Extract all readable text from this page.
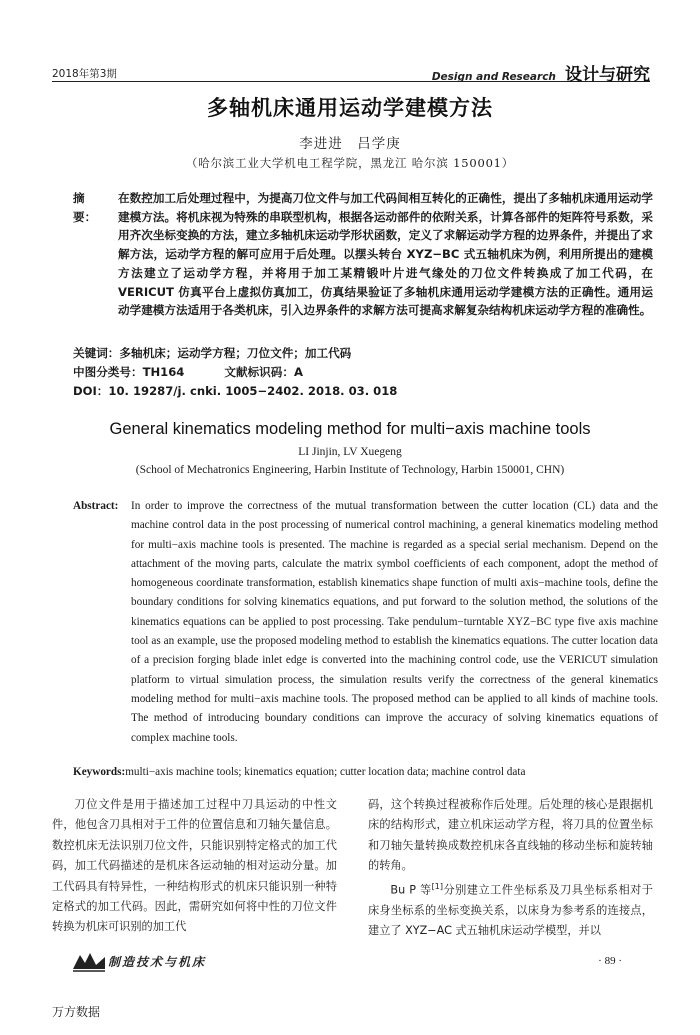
2018年第3期	Design and Research 设计与研究
多轴机床通用运动学建模方法
李进进　吕学庚
（哈尔滨工业大学机电工程学院，黑龙江 哈尔滨 150001）
摘　要：
在数控加工后处理过程中，为提高刀位文件与加工代码间相互转化的正确性，提出了多轴机床通用运动学建模方法。将机床视为特殊的串联型机构，根据各运动部件的依附关系，计算各部件的矩阵符号系数，采用齐次坐标变换的方法，建立多轴机床运动学形状函数，定义了求解运动学方程的边界条件，并提出了求解方法，运动学方程的解可应用于后处理。以摆头转台 XYZ−BC 式五轴机床为例，利用所提出的建模方法建立了运动学方程，并将用于加工某精锻叶片进气缘处的刀位文件转换成了加工代码，在 VERICUT 仿真平台上虚拟仿真加工，仿真结果验证了多轴机床通用运动学建模方法的正确性。通用运动学建模方法适用于各类机床，引入边界条件的求解方法可提高求解复杂结构机床运动学方程的准确性。
关键词：多轴机床；运动学方程；刀位文件；加工代码
中图分类号：TH164	文献标识码：A
DOI：10. 19287/j. cnki. 1005−2402. 2018. 03. 018
General kinematics modeling method for multi−axis machine tools
LI Jinjin, LV Xuegeng
(School of Mechatronics Engineering, Harbin Institute of Technology, Harbin 150001, CHN)
Abstract: In order to improve the correctness of the mutual transformation between the cutter location (CL) data and the machine control data in the post processing of numerical control machining, a general kinematics modeling method for multi−axis machine tools is presented. The machine is regarded as a special serial mechanism. Depend on the attachment of the moving parts, calculate the matrix symbol coefficients of each component, adopt the method of homogeneous coordinate transformation, establish kinematics shape function of multi axis−machine tools, define the boundary conditions for solving kinematics equations, and put forward to the solution method, the solutions of the kinematics equations can be applied to post processing. Take pendulum−turntable XYZ−BC type five axis machine tool as an example, use the proposed modeling method to establish the kinematics equations. The cutter location data of a precision forging blade inlet edge is converted into the machining control code, use the VERICUT simulation platform to virtual simulation process, the simulation results verify the correctness of the general kinematics modeling method for multi−axis machine tools. The proposed method can be applied to all kinds of machine tools. The method of introducing boundary conditions can improve the accuracy of solving kinematics equations of complex machine tools.
Keywords:multi−axis machine tools; kinematics equation; cutter location data; machine control data

刀位文件是用于描述加工过程中刀具运动的中性文件，他包含刀具相对于工件的位置信息和刀轴矢量信息。数控机床无法识别刀位文件，只能识别特定格式的加工代码，加工代码描述的是机床各运动轴的相对运动分量。加工代码具有特异性，一种结构形式的机床只能识别一种特定格式的加工代码。因此，需研究如何将中性的刀位文件转换为机床可识别的加工代

码，这个转换过程被称作后处理。后处理的核心是跟据机床的结构形式，建立机床运动学方程，将刀具的位置坐标和刀轴矢量转换成数控机床各直线轴的移动坐标和旋转轴的转角。

Bu P 等[1]分别建立工件坐标系及刀具坐标系相对于床身坐标系的坐标变换关系，以床身为参考系的连接点，建立了 XYZ−AC 式五轴机床运动学模型，并以

制造技术与机床	· 89 ·
万方数据
